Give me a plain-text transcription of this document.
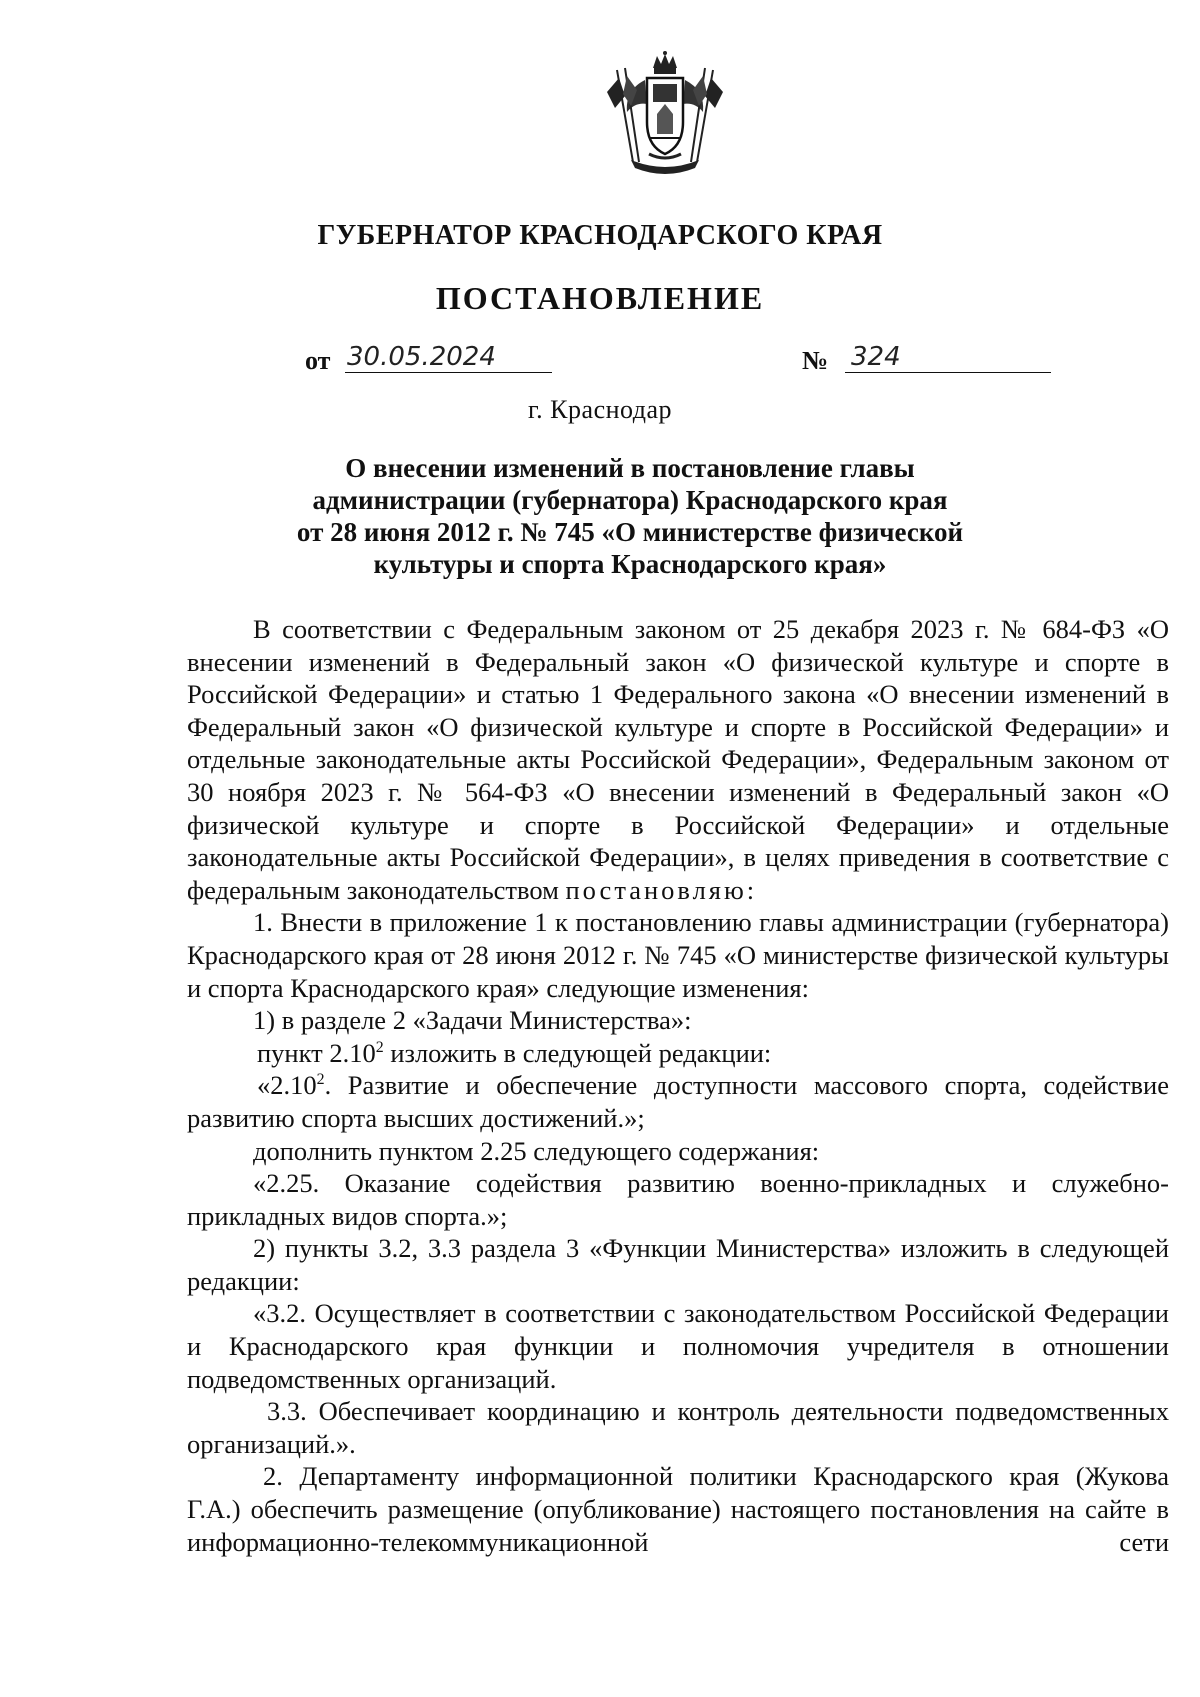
ГУБЕРНАТОР КРАСНОДАРСКОГО КРАЯ
ПОСТАНОВЛЕНИЕ
от 30.05.2024	№ 324
г. Краснодар
О внесении изменений в постановление главы
администрации (губернатора) Краснодарского края
от 28 июня 2012 г. № 745 «О министерстве физической
культуры и спорта Краснодарского края»

В соответствии с Федеральным законом от 25 декабря 2023 г. № 684-ФЗ «О внесении изменений в Федеральный закон «О физической культуре и спорте в Российской Федерации» и статью 1 Федерального закона «О внесении изменений в Федеральный закон «О физической культуре и спорте в Российской Федерации» и отдельные законодательные акты Российской Федерации», Федеральным законом от 30 ноября 2023 г. № 564-ФЗ «О внесении изменений в Федеральный закон «О физической культуре и спорте в Российской Федерации» и отдельные законодательные акты Российской Федерации», в целях приведения в соответствие с федеральным законодательством постановляю:

1. Внести в приложение 1 к постановлению главы администрации (губернатора) Краснодарского края от 28 июня 2012 г. № 745 «О министерстве физической культуры и спорта Краснодарского края» следующие изменения:

1) в разделе 2 «Задачи Министерства»:

пункт 2.10$^2$ изложить в следующей редакции:

«2.10$^2$. Развитие и обеспечение доступности массового спорта, содействие развитию спорта высших достижений.»;

дополнить пунктом 2.25 следующего содержания:

«2.25. Оказание содействия развитию военно-прикладных и служебно-прикладных видов спорта.»;

2) пункты 3.2, 3.3 раздела 3 «Функции Министерства» изложить в следующей редакции:

«3.2. Осуществляет в соответствии с законодательством Российской Федерации и Краснодарского края функции и полномочия учредителя в отношении подведомственных организаций.

3.3. Обеспечивает координацию и контроль деятельности подведомственных организаций.».

2. Департаменту информационной политики Краснодарского края (Жукова Г.А.) обеспечить размещение (опубликование) настоящего постановления на сайте в информационно-телекоммуникационной сети
